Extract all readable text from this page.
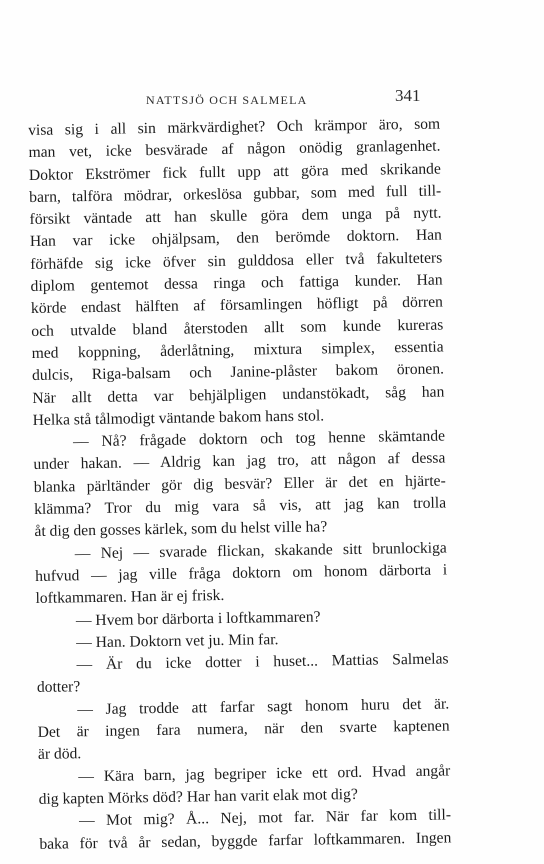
NATTSJÖ OCH SALMELA	341
visa sig i all sin märkvärdighet? Och krämpor äro, som
man vet, icke besvärade af någon onödig granlagenhet.
Doktor Ekströmer fick fullt upp att göra med skrikande
barn, talföra mödrar, orkeslösa gubbar, som med full till-
försikt väntade att han skulle göra dem unga på nytt.
Han var icke ohjälpsam, den berömde doktorn. Han
förhäfde sig icke öfver sin gulddosa eller två fakulteters
diplom gentemot dessa ringa och fattiga kunder. Han
körde endast hälften af församlingen höfligt på dörren
och utvalde bland återstoden allt som kunde kureras
med koppning, åderlåtning, mixtura simplex, essentia
dulcis, Riga-balsam och Janine-plåster bakom öronen.
När allt detta var behjälpligen undanstökadt, såg han
Helka stå tålmodigt väntande bakom hans stol.
— Nå? frågade doktorn och tog henne skämtande
under hakan. — Aldrig kan jag tro, att någon af dessa
blanka pärltänder gör dig besvär? Eller är det en hjärte-
klämma? Tror du mig vara så vis, att jag kan trolla
åt dig den gosses kärlek, som du helst ville ha?
— Nej — svarade flickan, skakande sitt brunlockiga
hufvud — jag ville fråga doktorn om honom därborta i
loftkammaren. Han är ej frisk.
— Hvem bor därborta i loftkammaren?
— Han. Doktorn vet ju. Min far.
— Är du icke dotter i huset... Mattias Salmelas
dotter?
— Jag trodde att farfar sagt honom huru det är.
Det är ingen fara numera, när den svarte kaptenen
är död.
— Kära barn, jag begriper icke ett ord. Hvad angår
dig kapten Mörks död? Har han varit elak mot dig?
— Mot mig? Å... Nej, mot far. När far kom till-
baka för två år sedan, byggde farfar loftkammaren. Ingen
